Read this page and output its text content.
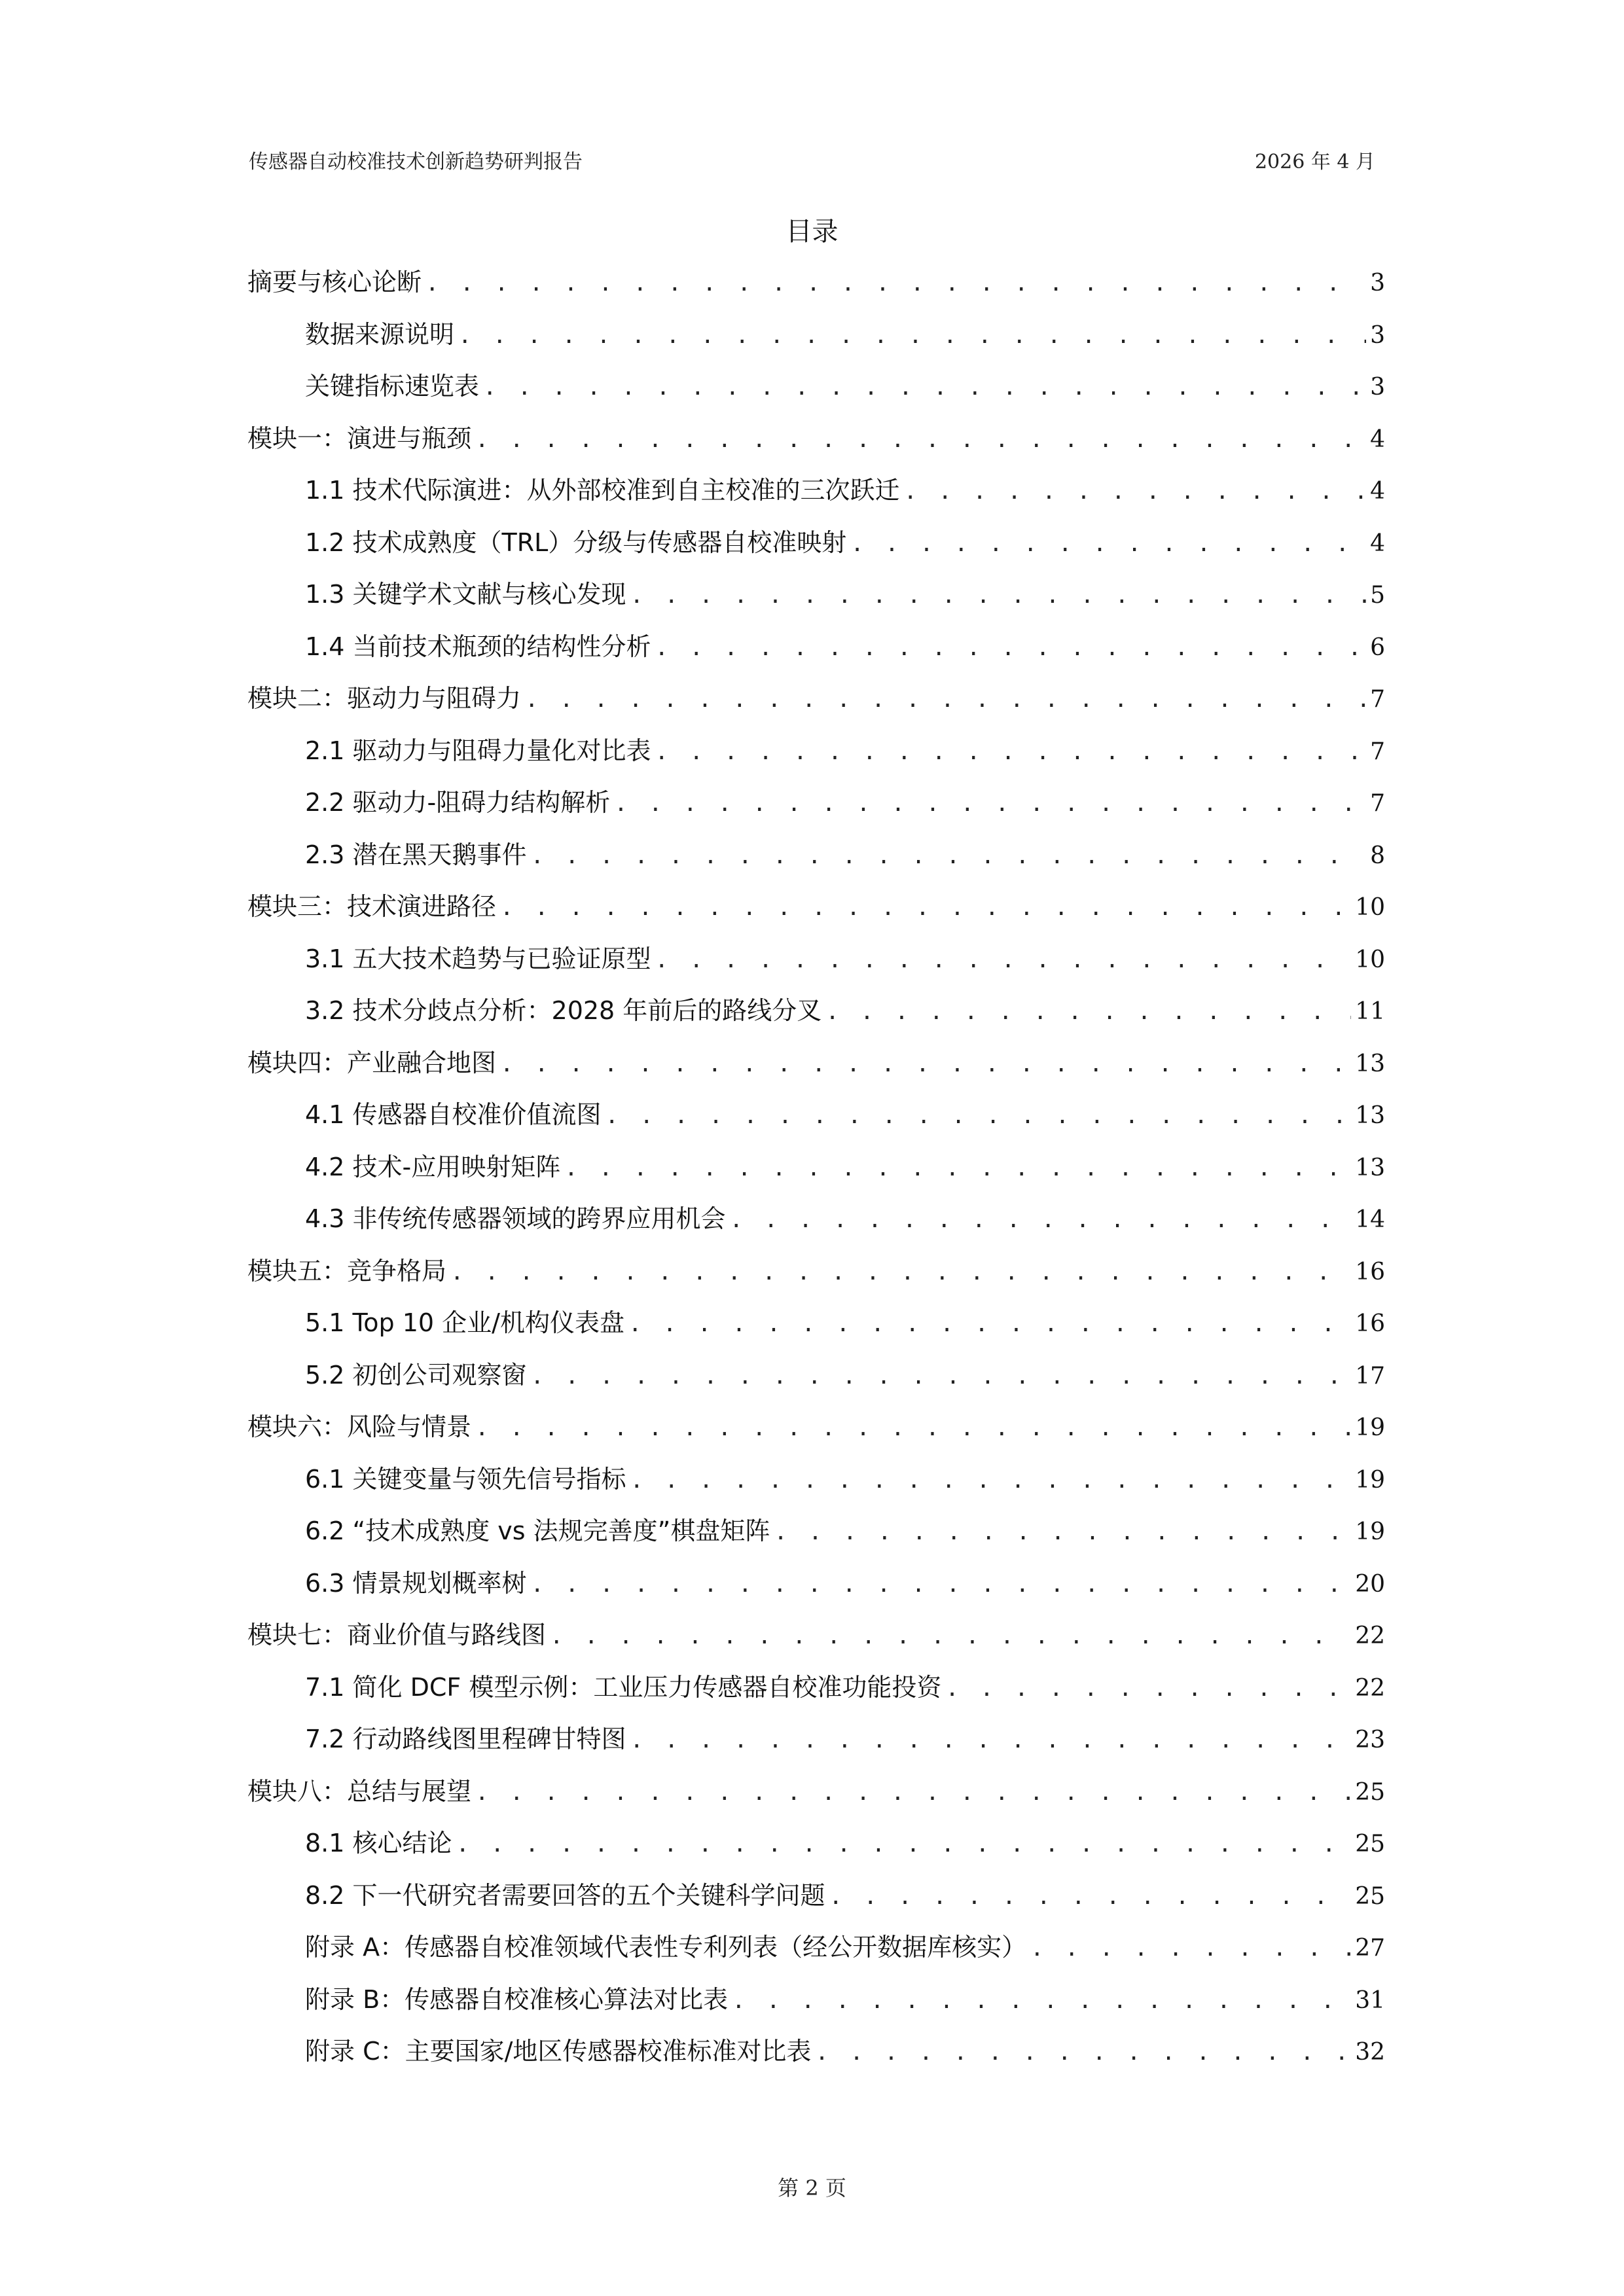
传感器自动校准技术创新趋势研判报告	2026 年 4 月
目录
摘要与核心论断 . . .	3
数据来源说明 . . .	3
关键指标速览表 . . .	3
模块一：演进与瓶颈 . . .	4
1.1 技术代际演进：从外部校准到自主校准的三次跃迁 . . .	4
1.2 技术成熟度（TRL）分级与传感器自校准映射 . . .	4
1.3 关键学术文献与核心发现 . . .	5
1.4 当前技术瓶颈的结构性分析 . . .	6
模块二：驱动力与阻碍力 . . .	7
2.1 驱动力与阻碍力量化对比表 . . .	7
2.2 驱动力-阻碍力结构解析 . . .	7
2.3 潜在黑天鹅事件 . . .	8
模块三：技术演进路径 . . .	10
3.1 五大技术趋势与已验证原型 . . .	10
3.2 技术分歧点分析：2028 年前后的路线分叉 . . .	11
模块四：产业融合地图 . . .	13
4.1 传感器自校准价值流图 . . .	13
4.2 技术-应用映射矩阵 . . .	13
4.3 非传统传感器领域的跨界应用机会 . . .	14
模块五：竞争格局 . . .	16
5.1 Top 10 企业/机构仪表盘 . . .	16
5.2 初创公司观察窗 . . .	17
模块六：风险与情景 . . .	19
6.1 关键变量与领先信号指标 . . .	19
6.2 “技术成熟度 vs 法规完善度”棋盘矩阵 . . .	19
6.3 情景规划概率树 . . .	20
模块七：商业价值与路线图 . . .	22
7.1 简化 DCF 模型示例：工业压力传感器自校准功能投资 . . .	22
7.2 行动路线图里程碑甘特图 . . .	23
模块八：总结与展望 . . .	25
8.1 核心结论 . . .	25
8.2 下一代研究者需要回答的五个关键科学问题 . . .	25
附录 A：传感器自校准领域代表性专利列表（经公开数据库核实） . . .	27
附录 B：传感器自校准核心算法对比表 . . .	31
附录 C：主要国家/地区传感器校准标准对比表 . . .	32
第 2 页
